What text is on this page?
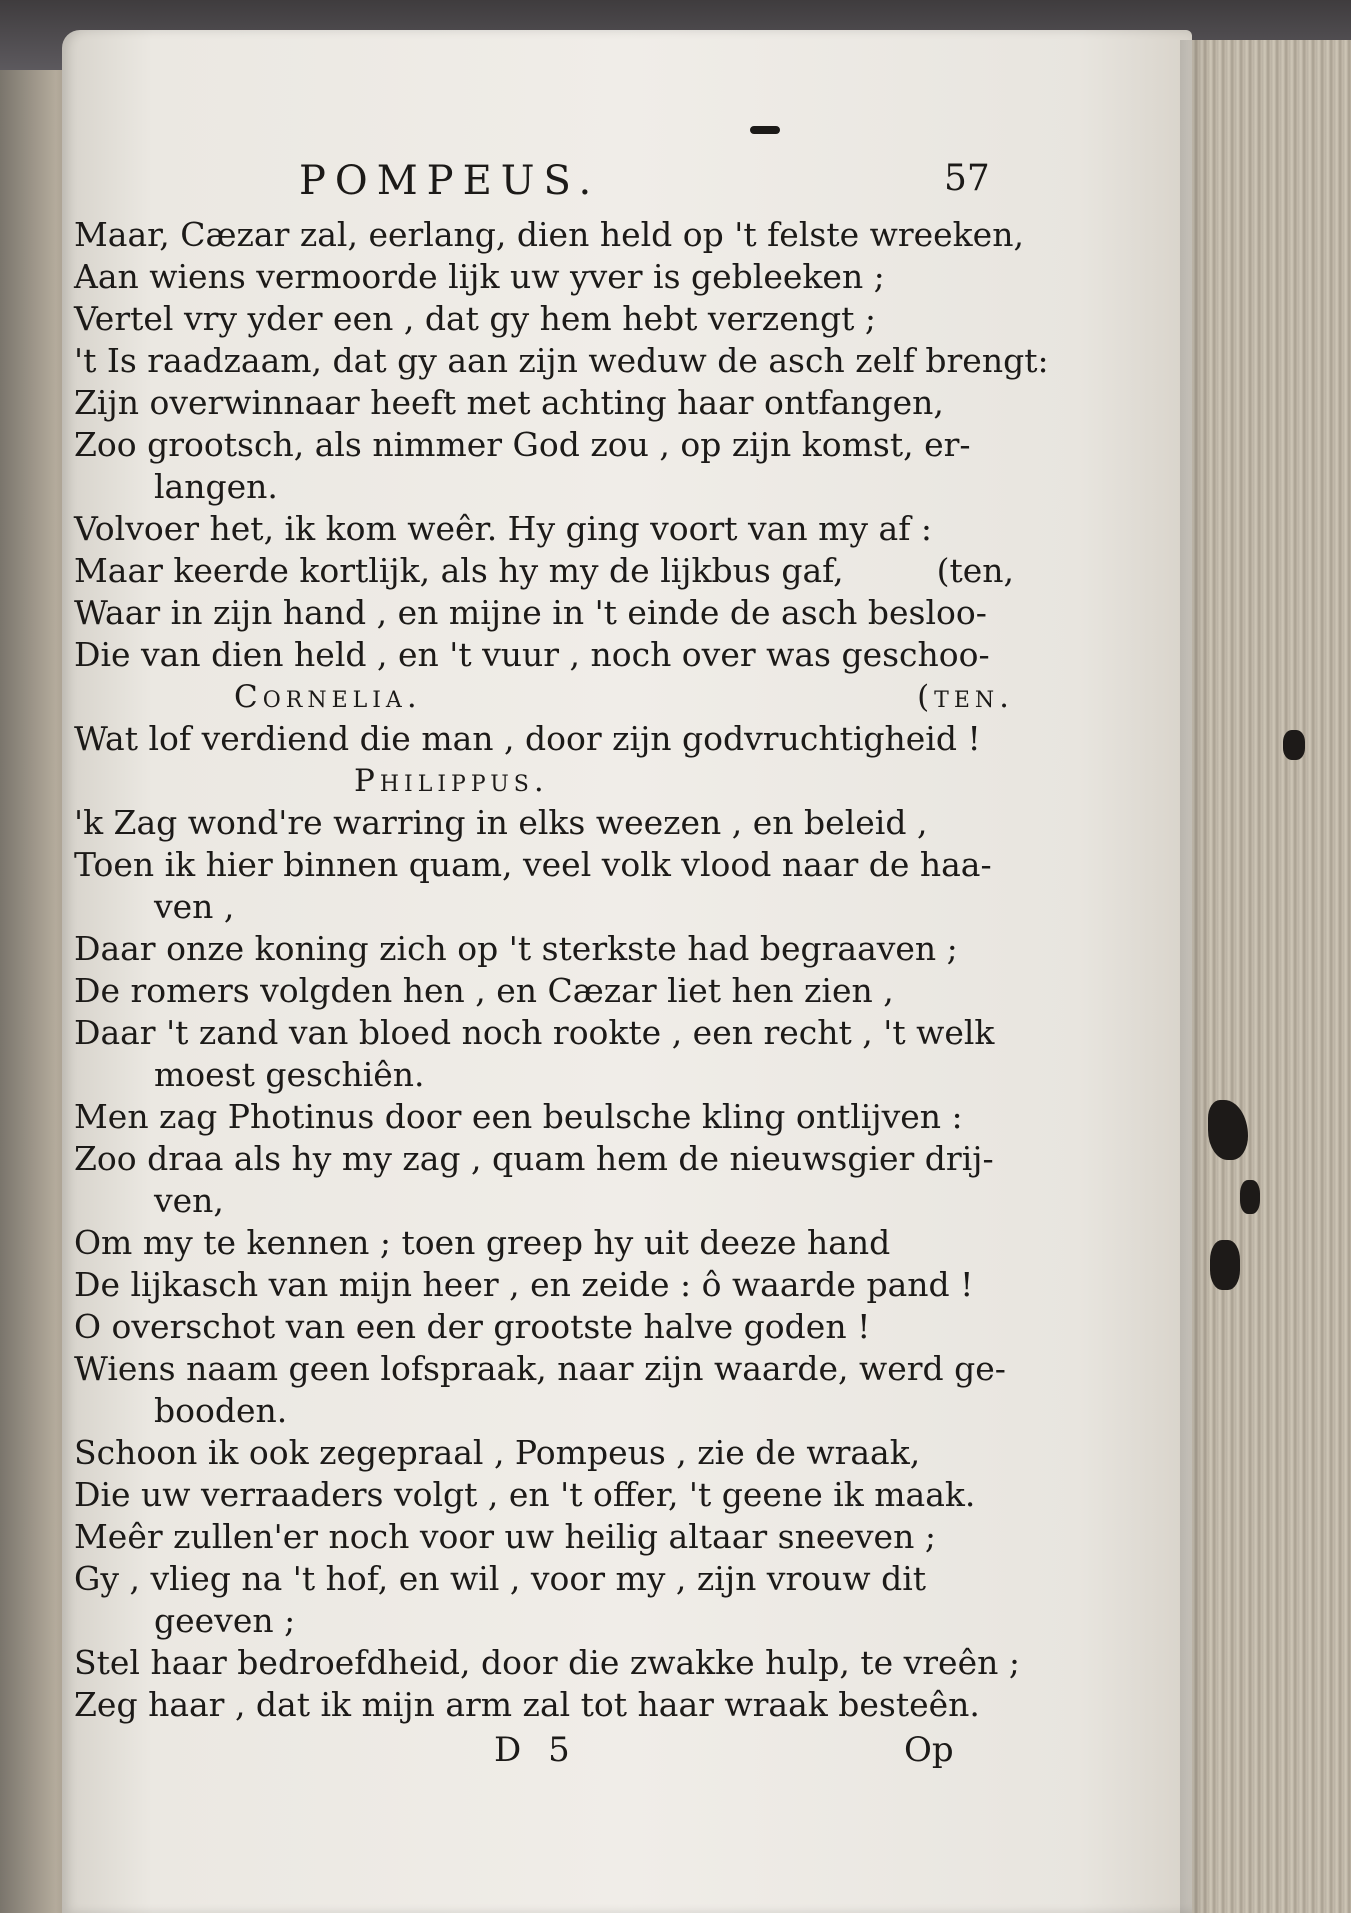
POMPEUS.	57
Maar, Cæzar zal, eerlang, dien held op 't felste wreeken,
Aan wiens vermoorde lijk uw yver is gebleeken ;
Vertel vry yder een , dat gy hem hebt verzengt ;
't Is raadzaam, dat gy aan zijn weduw de asch zelf brengt:
Zijn overwinnaar heeft met achting haar ontfangen,
Zoo grootsch, als nimmer God zou , op zijn komst, er-
langen.
Volvoer het, ik kom weêr. Hy ging voort van my af :
Maar keerde kortlijk, als hy my de lijkbus gaf,	(ten,
Waar in zijn hand , en mijne in 't einde de asch besloo-
Die van dien held , en 't vuur , noch over was geschoo-
Cornelia.	(ten.
Wat lof verdiend die man , door zijn godvruchtigheid !
Philippus.
'k Zag wond're warring in elks weezen , en beleid ,
Toen ik hier binnen quam, veel volk vlood naar de haa-
ven ,
Daar onze koning zich op 't sterkste had begraaven ;
De romers volgden hen , en Cæzar liet hen zien ,
Daar 't zand van bloed noch rookte , een recht , 't welk
moest geschiên.
Men zag Photinus door een beulsche kling ontlijven :
Zoo draa als hy my zag , quam hem de nieuwsgier drij-
ven,
Om my te kennen ; toen greep hy uit deeze hand
De lijkasch van mijn heer , en zeide : ô waarde pand !
O overschot van een der grootste halve goden !
Wiens naam geen lofspraak, naar zijn waarde, werd ge-
booden.
Schoon ik ook zegepraal , Pompeus , zie de wraak,
Die uw verraaders volgt , en 't offer, 't geene ik maak.
Meêr zullen'er noch voor uw heilig altaar sneeven ;
Gy , vlieg na 't hof, en wil , voor my , zijn vrouw dit
geeven ;
Stel haar bedroefdheid, door die zwakke hulp, te vreên ;
Zeg haar , dat ik mijn arm zal tot haar wraak besteên.
D 5	Op
